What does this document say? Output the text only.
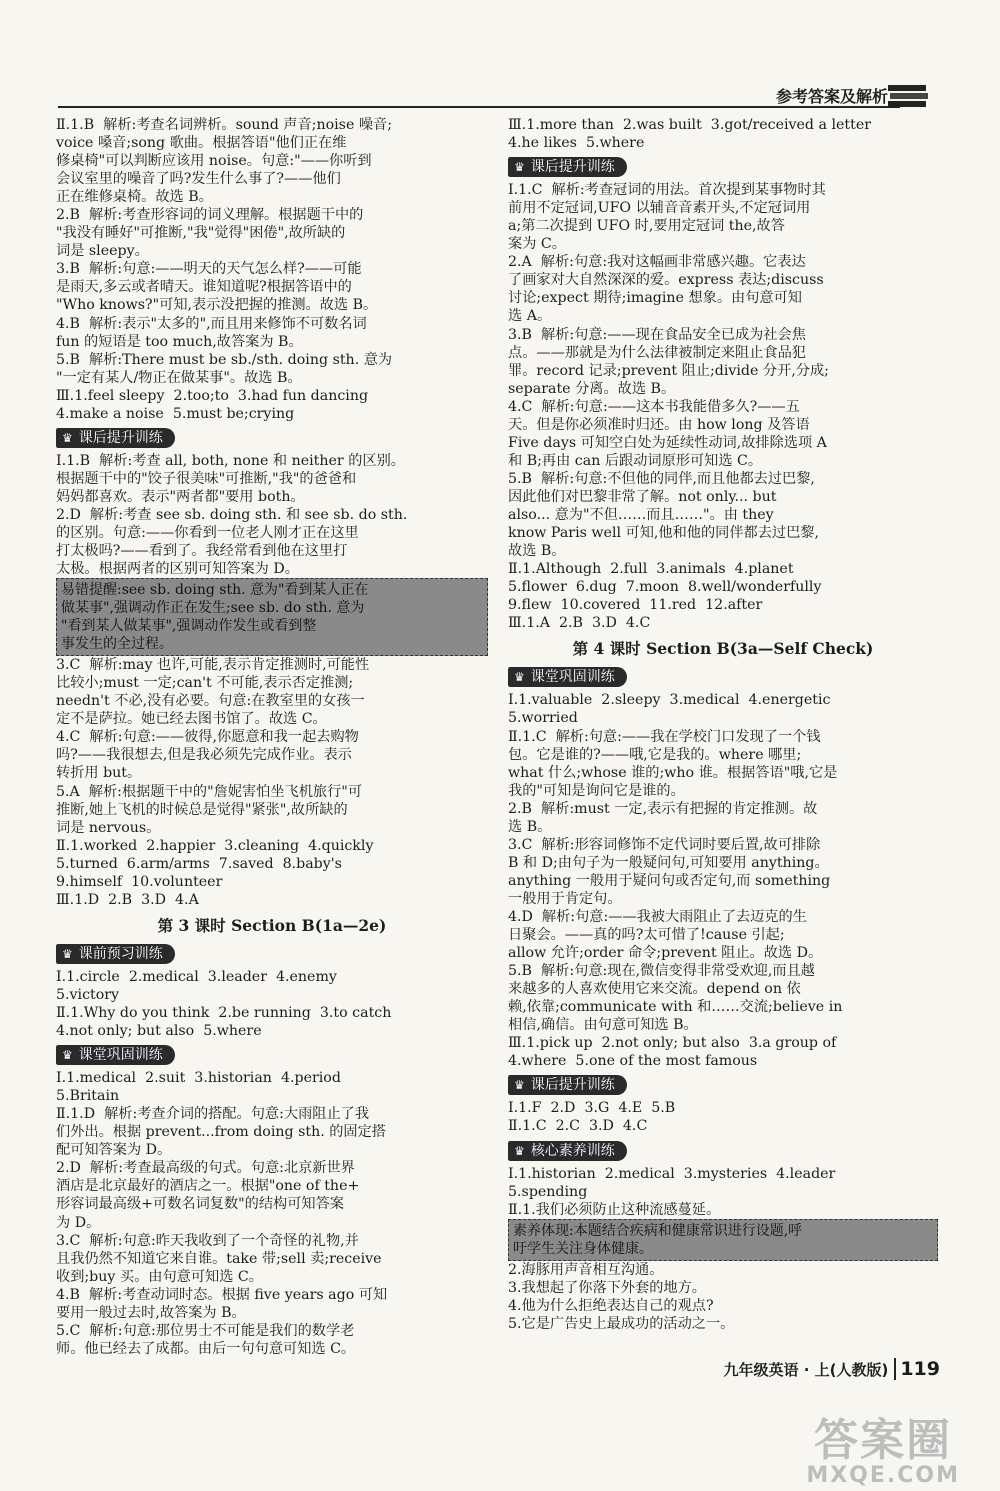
参考答案及解析

Ⅱ.1.B  解析:考查名词辨析。sound 声音;noise 噪音;
voice 嗓音;song 歌曲。根据答语"他们正在维
修桌椅"可以判断应该用 noise。句意:"——你听到
会议室里的噪音了吗?发生什么事了?——他们
正在维修桌椅。故选 B。
2.B  解析:考查形容词的词义理解。根据题干中的
"我没有睡好"可推断,"我"觉得"困倦",故所缺的
词是 sleepy。
3.B  解析:句意:——明天的天气怎么样?——可能
是雨天,多云或者晴天。谁知道呢?根据答语中的
"Who knows?"可知,表示没把握的推测。故选 B。
4.B  解析:表示"太多的",而且用来修饰不可数名词
fun 的短语是 too much,故答案为 B。
5.B  解析:There must be sb./sth. doing sth. 意为
"一定有某人/物正在做某事"。故选 B。
Ⅲ.1.feel sleepy  2.too;to  3.had fun dancing
4.make a noise  5.must be;crying

♛ 课后提升训练

Ⅰ.1.B  解析:考查 all, both, none 和 neither 的区别。
根据题干中的"饺子很美味"可推断,"我"的爸爸和
妈妈都喜欢。表示"两者都"要用 both。
2.D  解析:考查 see sb. doing sth. 和 see sb. do sth.
的区别。句意:——你看到一位老人刚才正在这里
打太极吗?——看到了。我经常看到他在这里打
太极。根据两者的区别可知答案为 D。

易错提醒:see sb. doing sth. 意为"看到某人正在
做某事",强调动作正在发生;see sb. do sth. 意为
"看到某人做某事",强调动作发生或看到整
事发生的全过程。

3.C  解析:may 也许,可能,表示肯定推测时,可能性
比较小;must 一定;can't 不可能,表示否定推测;
needn't 不必,没有必要。句意:在教室里的女孩一
定不是萨拉。她已经去图书馆了。故选 C。
4.C  解析:句意:——彼得,你愿意和我一起去购物
吗?——我很想去,但是我必须先完成作业。表示
转折用 but。
5.A  解析:根据题干中的"詹妮害怕坐飞机旅行"可
推断,她上飞机的时候总是觉得"紧张",故所缺的
词是 nervous。
Ⅱ.1.worked  2.happier  3.cleaning  4.quickly
5.turned  6.arm/arms  7.saved  8.baby's
9.himself  10.volunteer
Ⅲ.1.D  2.B  3.D  4.A

第 3 课时 Section B(1a—2e)
♛ 课前预习训练

Ⅰ.1.circle  2.medical  3.leader  4.enemy
5.victory
Ⅱ.1.Why do you think  2.be running  3.to catch
4.not only; but also  5.where

♛ 课堂巩固训练

Ⅰ.1.medical  2.suit  3.historian  4.period
5.Britain
Ⅱ.1.D  解析:考查介词的搭配。句意:大雨阻止了我
们外出。根据 prevent...from doing sth. 的固定搭
配可知答案为 D。
2.D  解析:考查最高级的句式。句意:北京新世界
酒店是北京最好的酒店之一。根据"one of the+
形容词最高级+可数名词复数"的结构可知答案
为 D。
3.C  解析:句意:昨天我收到了一个奇怪的礼物,并
且我仍然不知道它来自谁。take 带;sell 卖;receive
收到;buy 买。由句意可知选 C。
4.B  解析:考查动词时态。根据 five years ago 可知
要用一般过去时,故答案为 B。
5.C  解析:句意:那位男士不可能是我们的数学老
师。他已经去了成都。由后一句句意可知选 C。

Ⅲ.1.more than  2.was built  3.got/received a letter
4.he likes  5.where

♛ 课后提升训练

Ⅰ.1.C  解析:考查冠词的用法。首次提到某事物时其
前用不定冠词,UFO 以辅音音素开头,不定冠词用
a;第二次提到 UFO 时,要用定冠词 the,故答
案为 C。
2.A  解析:句意:我对这幅画非常感兴趣。它表达
了画家对大自然深深的爱。express 表达;discuss
讨论;expect 期待;imagine 想象。由句意可知
选 A。
3.B  解析:句意:——现在食品安全已成为社会焦
点。——那就是为什么法律被制定来阻止食品犯
罪。record 记录;prevent 阻止;divide 分开,分成;
separate 分离。故选 B。
4.C  解析:句意:——这本书我能借多久?——五
天。但是你必须准时归还。由 how long 及答语
Five days 可知空白处为延续性动词,故排除选项 A
和 B;再由 can 后跟动词原形可知选 C。
5.B  解析:句意:不但他的同伴,而且他都去过巴黎,
因此他们对巴黎非常了解。not only... but
also... 意为"不但……而且……"。由 they
know Paris well 可知,他和他的同伴都去过巴黎,
故选 B。
Ⅱ.1.Although  2.full  3.animals  4.planet
5.flower  6.dug  7.moon  8.well/wonderfully
9.flew  10.covered  11.red  12.after
Ⅲ.1.A  2.B  3.D  4.C

第 4 课时 Section B(3a—Self Check)
♛ 课堂巩固训练

Ⅰ.1.valuable  2.sleepy  3.medical  4.energetic
5.worried
Ⅱ.1.C  解析:句意:——我在学校门口发现了一个钱
包。它是谁的?——哦,它是我的。where 哪里;
what 什么;whose 谁的;who 谁。根据答语"哦,它是
我的"可知是询问它是谁的。
2.B  解析:must 一定,表示有把握的肯定推测。故
选 B。
3.C  解析:形容词修饰不定代词时要后置,故可排除
B 和 D;由句子为一般疑问句,可知要用 anything。
anything 一般用于疑问句或否定句,而 something
一般用于肯定句。
4.D  解析:句意:——我被大雨阻止了去迈克的生
日聚会。——真的吗?太可惜了!cause 引起;
allow 允许;order 命令;prevent 阻止。故选 D。
5.B  解析:句意:现在,微信变得非常受欢迎,而且越
来越多的人喜欢使用它来交流。depend on 依
赖,依靠;communicate with 和……交流;believe in
相信,确信。由句意可知选 B。
Ⅲ.1.pick up  2.not only; but also  3.a group of
4.where  5.one of the most famous

♛ 课后提升训练

Ⅰ.1.F  2.D  3.G  4.E  5.B
Ⅱ.1.C  2.C  3.D  4.C

♛ 核心素养训练

Ⅰ.1.historian  2.medical  3.mysteries  4.leader
5.spending
Ⅱ.1.我们必须防止这种流感蔓延。

素养体现:本题结合疾病和健康常识进行设题,呼
吁学生关注身体健康。

2.海豚用声音相互沟通。
3.我想起了你落下外套的地方。
4.他为什么拒绝表达自己的观点?
5.它是广告史上最成功的活动之一。

九年级英语 · 上(人教版) 119
答案圈
MXQE.COM
